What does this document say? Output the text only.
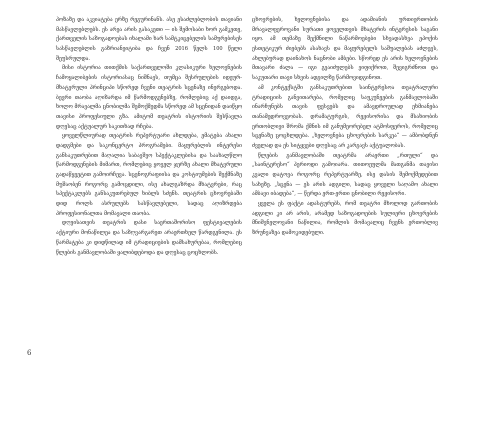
პოზაზე და აკვიატება ერზე რეგურინანს. ასე ესაძლებლობის თავიანი მასწავლებლებს. ეს არეა არის გასაკეთი — ის შემოსაბი ხორ გამკეთე, ქართველის საზოგადოებას იხალამი ხარ სამტკიცებელის სამურებისეს სასწავლებლის გაზრიანეიტიბა და ჩვენ 2016 წელს 100 წელი შეუსრულდა.

მისი ისტორია თითქმის საქართველოში კლასიკური ხელოვნების ჩამოყალიბების ისტორიასაც ნიშნავს, თუმცა შესრულების იდეურ-მხატვრული პრინციპი სწორედ ჩვენი თეატრის სცენაზე ინერგებოდა. ბევრი თაობა აღიზარდა იმ წარმოდგენებზე, რომლებიც აქ დაიდგა, ხოლო მრავალმა ცნობილმა შემოქმედმა სწორედ ამ სცენიდან დაიწყო თავისი პროფესიული გზა. ამიტომ თეატრის ისტორიის შესწავლა დღესაც აქტუალურ საკითხად რჩება.

ყოველწლიურად თეატრის რეპერტუარი ახლდება, ემატება ახალი დადგმები და საკონცერტო პროგრამები. მაყურებლის ინტერესი განსაკუთრებით მაღალია საბავშვო სპექტაკლებისა და საახალწლო წარმოდგენების მიმართ, რომლებიც ყოველ ჯერზე ახალი მხატვრული გადაწყვეტით გამოირჩევა. სცენოგრაფიისა და კოსტიუმების შექმნაზე მუშაობენ როგორც გამოცდილი, ისე ახალგაზრდა მხატვრები, რაც სპექტაკლებს განსაკუთრებულ ხიბლს სძენს. თეატრის ცხოვრებაში დიდ როლს ასრულებს სასწავლებელი, სადაც აღიზრდება პროფესიონალთა მომავალი თაობა.

დღეისათვის თეატრის დასი საერთაშორისო ფესტივალების აქტიური მონაწილეა და საზღვარგარეთ არაერთხელ წარდგენილა. ეს წარმატება კი დიდწილად იმ ტრადიციების დამსახურებაა, რომლებიც წლების განმავლობაში ყალიბდებოდა და დღესაც ცოცხლობს.

ცხოვრების, ხელოვნებისა და ადამიანის ურთიერთობის მრავალფეროვანი სურათი ყოველთვის მხატვრის ინტერესის საგანი იყო. ამ თემაზე შექმნილი ნაწარმოებები სხვადასხვა ეპოქის ესთეტიკურ ძიებებს ასახავს და მაყურებელს საშუალებას აძლევს, ახლებურად დაინახოს ნაცნობი ამბები. სწორედ ეს არის ხელოვნების მთავარი ძალა — იგი გვაიძულებს ვიფიქროთ, შევიგრძნოთ და საკუთარი თავი სხვის ადგილზე წარმოვიდგინოთ.

ამ კონტექსტში განსაკუთრებით საინტერესოა თეატრალური ტრადიციის განვითარება, რომელიც საუკუნეების განმავლობაში ინარჩუნებს თავის ფესვებს და ამავდროულად ეხმიანება თანამედროვეობას. დრამატურგის, რეჟისორისა და მსახიობის ერთობლივი შრომა ქმნის იმ განუმეორებელ ატმოსფეროს, რომელიც სცენაზე ცოცხლდება. „ხელოვნება ცხოვრების სარკეა“ — ამბობდნენ ძველად და ეს სიტყვები დღესაც არ კარგავს აქტუალობას.

წლების განმავლობაში თეატრმა არაერთი „რთული“ და „საინტერესო“ პერიოდი გამოიარა. თითოეულმა მათგანმა თავისი კვალი დატოვა როგორც რეპერტუარზე, ისე დასის შემოქმედებით სახეზე. „სცენა — ეს არის ადგილი, სადაც ყოველი საღამო ახალი ამბავი იბადება“, — წერდა ერთ-ერთი ცნობილი რეჟისორი.

ყველა ეს ფაქტი ადასტურებს, რომ თეატრი მხოლოდ გართობის ადგილი კი არ არის, არამედ საზოგადოების სულიერი ცხოვრების მნიშვნელოვანი ნაწილია, რომლის მომავალიც ჩვენს ერთობლივ ზრუნვაზეა დამოკიდებული.

6
